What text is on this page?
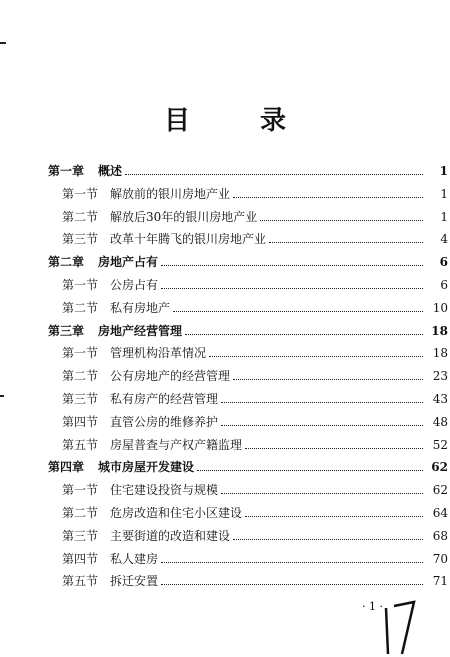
目　录
第一章	概述	1
第一节 解放前的银川房地产业	1
第二节 解放后30年的银川房地产业	1
第三节 改革十年腾飞的银川房地产业	4
第二章	房地产占有	6
第一节 公房占有	6
第二节 私有房地产	10
第三章	房地产经营管理	18
第一节 管理机构沿革情况	18
第二节 公有房地产的经营管理	23
第三节 私有房产的经营管理	43
第四节 直管公房的维修养护	48
第五节 房屋普查与产权产籍监理	52
第四章	城市房屋开发建设	62
第一节 住宅建设投资与规模	62
第二节 危房改造和住宅小区建设	64
第三节 主要街道的改造和建设	68
第四节 私人建房	70
第五节 拆迁安置	71
· 1 ·
